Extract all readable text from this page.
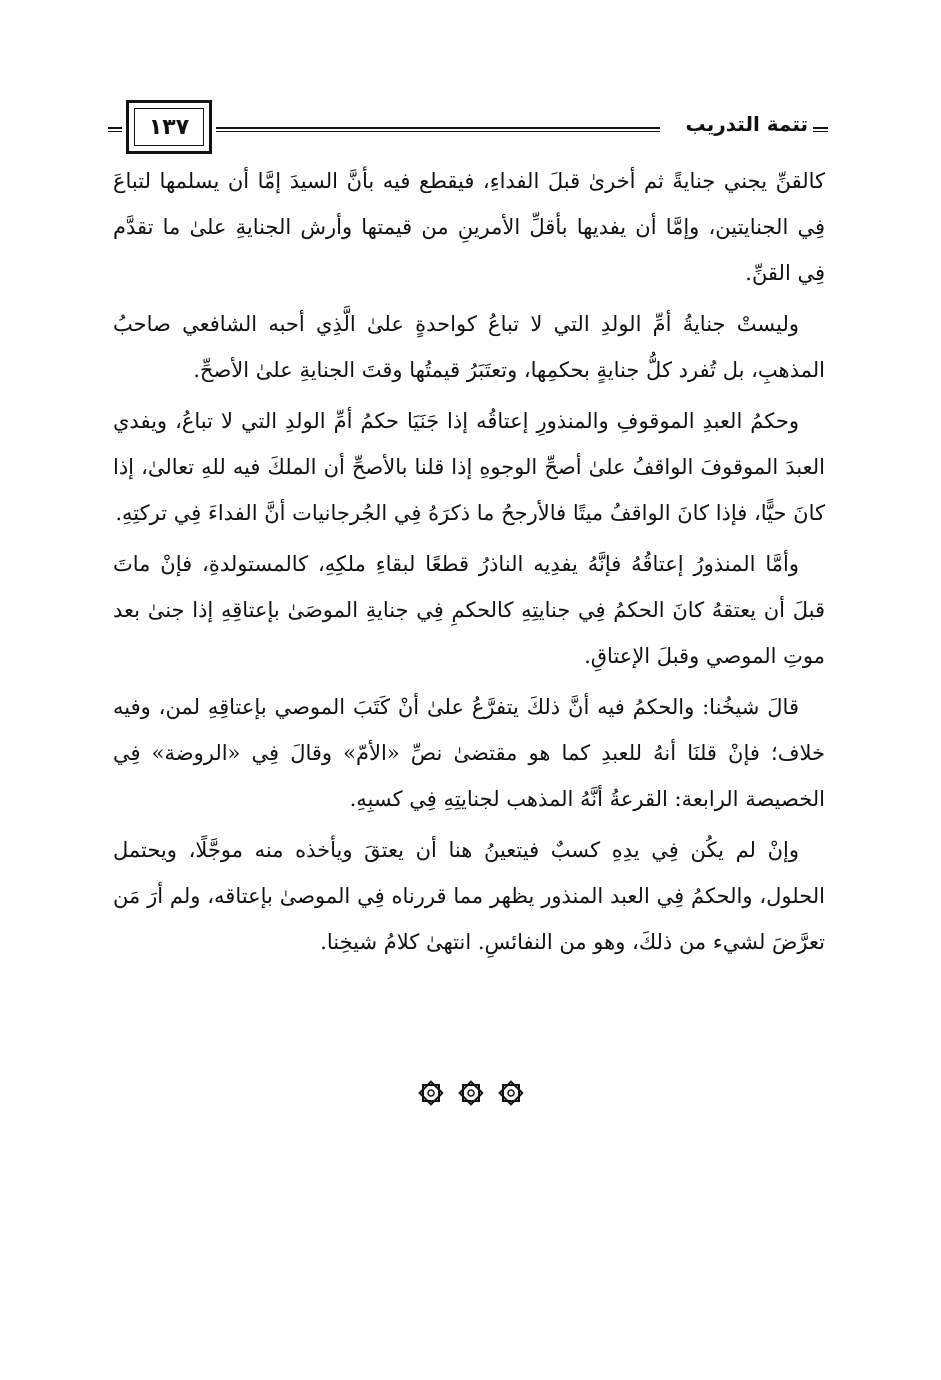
١٣٧	تتمة التدريب

كالقنِّ يجني جنايةً ثم أخرىٰ قبلَ الفداءِ، فيقطع فيه بأنَّ السيدَ إمَّا أن يسلمها لتباعَ فِي الجنايتين، وإمَّا أن يفديها بأقلِّ الأمرينِ من قيمتها وأرش الجنايةِ علىٰ ما تقدَّم فِي القنِّ.

وليستْ جنايةُ أمِّ الولدِ التي لا تباعُ كواحدةٍ علىٰ الَّذِي أحبه الشافعي صاحبُ المذهبِ، بل تُفرد كلُّ جنايةٍ بحكمِها، وتعتَبَرُ قيمتُها وقتَ الجنايةِ علىٰ الأصحِّ.

وحكمُ العبدِ الموقوفِ والمنذورِ إعتاقُه إذا جَنَيَا حكمُ أمِّ الولدِ التي لا تباعُ، ويفدي العبدَ الموقوفَ الواقفُ علىٰ أصحِّ الوجوهِ إذا قلنا بالأصحِّ أن الملكَ فيه للهِ تعالىٰ، إذا كانَ حيًّا، فإذا كانَ الواقفُ ميتًا فالأرجحُ ما ذكرَهُ فِي الجُرجانيات أنَّ الفداءَ فِي تركتِهِ.

وأمَّا المنذورُ إعتاقُهُ فإنَّهُ يفدِيه الناذرُ قطعًا لبقاءِ ملكِهِ، كالمستولدةِ، فإنْ ماتَ قبلَ أن يعتقهُ كانَ الحكمُ فِي جنايتِهِ كالحكمِ فِي جنايةِ الموصَىٰ بإعتاقِهِ إذا جنىٰ بعد موتِ الموصي وقبلَ الإعتاقِ.

قالَ شيخُنا: والحكمُ فيه أنَّ ذلكَ يتفرَّعُ علىٰ أنْ كَتَبَ الموصي بإعتاقِهِ لمن، وفيه خلاف؛ فإنْ قلنَا أنهُ للعبدِ كما هو مقتضىٰ نصِّ «الأمّ» وقالَ فِي «الروضة» فِي الخصيصة الرابعة: القرعةُ أنَّهُ المذهب لجنايتِهِ فِي كسبِهِ.

وإنْ لم يكُن فِي يدِهِ كسبٌ فيتعينُ هنا أن يعتقَ ويأخذه منه موجَّلًا، ويحتمل الحلول، والحكمُ فِي العبد المنذور يظهر مما قررناه فِي الموصىٰ بإعتاقه، ولم أرَ مَن تعرَّضَ لشيء من ذلكَ، وهو من النفائسِ. انتهىٰ كلامُ شيخِنا.
